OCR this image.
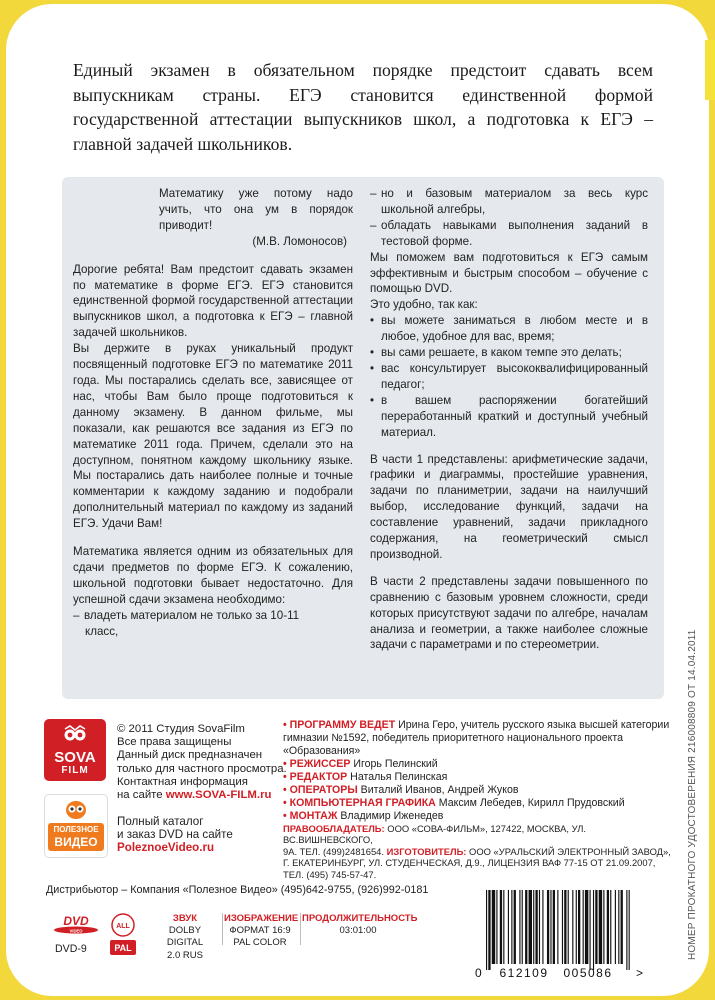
Единый экзамен в обязательном порядке предстоит сдавать всем выпускникам страны. ЕГЭ становится единственной формой государственной аттестации выпускников школ, а подготовка к ЕГЭ – главной задачей школьников.

Математику уже потому надо учить, что она ум в порядок приводит!

(М.В. Ломоносов)

Дорогие ребята! Вам предстоит сдавать экзамен по математике в форме ЕГЭ. ЕГЭ становится единственной формой государственной аттестации выпускников школ, а подготовка к ЕГЭ – главной задачей школьников.

Вы держите в руках уникальный продукт посвященный подготовке ЕГЭ по математике 2011 года. Мы постарались сделать все, зависящее от нас, чтобы Вам было проще подготовиться к данному экзамену. В данном фильме, мы показали, как решаются все задания из ЕГЭ по математике 2011 года. Причем, сделали это на доступном, понятном каждому школьнику языке. Мы постарались дать наиболее полные и точные комментарии к каждому заданию и подобрали дополнительный материал по каждому из заданий ЕГЭ. Удачи Вам!

Математика является одним из обязательных для сдачи предметов по форме ЕГЭ. К сожалению, школьной подготовки бывает недостаточно. Для успешной сдачи экзамена необходимо:

– владеть материалом не только за 10-11

класс,

– но и базовым материалом за весь курс школьной алгебры,
– обладать навыками выполнения заданий в тестовой форме.

Мы поможем вам подготовиться к ЕГЭ самым эффективным и быстрым способом – обучение с помощью DVD.

Это удобно, так как:

• вы можете заниматься в любом месте и в любое, удобное для вас, время;
• вы сами решаете, в каком темпе это делать;
• вас консультирует высококвалифицированный педагог;
• в вашем распоряжении богатейший переработанный краткий и доступный учебный материал.

В части 1 представлены: арифметические задачи, графики и диаграммы, простейшие уравнения, задачи по планиметрии, задачи на наилучший выбор, исследование функций, задачи на составление уравнений, задачи прикладного содержания, на геометрический смысл производной.

В части 2 представлены задачи повышенного по сравнению с базовым уровнем сложности, среди которых присутствуют задачи по алгебре, началам анализа и геометрии, а также наиболее сложные задачи с параметрами и по стереометрии.

SOVA
FILM
ПОЛЕЗНОЕ
ВИДЕО

© 2011 Студия SovaFilm

Все права защищены

Данный диск предназначен

только для частного просмотра.

Контактная информация

на сайте www.SOVA-FILM.ru

Полный каталог

и заказ DVD на сайте

PoleznoeVideo.ru

• ПРОГРАММУ ВЕДЕТ Ирина Геро, учитель русского языка высшей категории
гимназии №1592, победитель приоритетного национального проекта
«Образования»
• РЕЖИССЕР Игорь Пелинский
• РЕДАКТОР Наталья Пелинская
• ОПЕРАТОРЫ Виталий Иванов, Андрей Жуков
• КОМПЬЮТЕРНАЯ ГРАФИКА Максим Лебедев, Кирилл Прудовский
• МОНТАЖ Владимир Иженедев
ПРАВООБЛАДАТЕЛЬ: ООО «СОВА-ФИЛЬМ», 127422, МОСКВА, УЛ. ВС.ВИШНЕВСКОГО,
9А. ТЕЛ. (499)2481654. ИЗГОТОВИТЕЛЬ: ООО «УРАЛЬСКИЙ ЭЛЕКТРОННЫЙ ЗАВОД»,
Г. ЕКАТЕРИНБУРГ, УЛ. СТУДЕНЧЕСКАЯ, Д.9., ЛИЦЕНЗИЯ ВАФ 77-15 ОТ 21.09.2007,
ТЕЛ. (495) 745-57-47.
Дистрибьютор – Компания «Полезное Видео» (495)642-9755, (926)992-0181	НОМЕР ПРОКАТНОГО УДОСТОВЕРЕНИЯ 216008809 ОТ 14.04.2011
DVD
VIDEO
DVD-9
ALL
PAL
ЗВУК
DOLBY DIGITAL
2.0 RUS
ИЗОБРАЖЕНИЕ
ФОРМАТ 16:9
PAL COLOR
ПРОДОЛЖИТЕЛЬНОСТЬ
03:01:00
0 612109 005086 >
